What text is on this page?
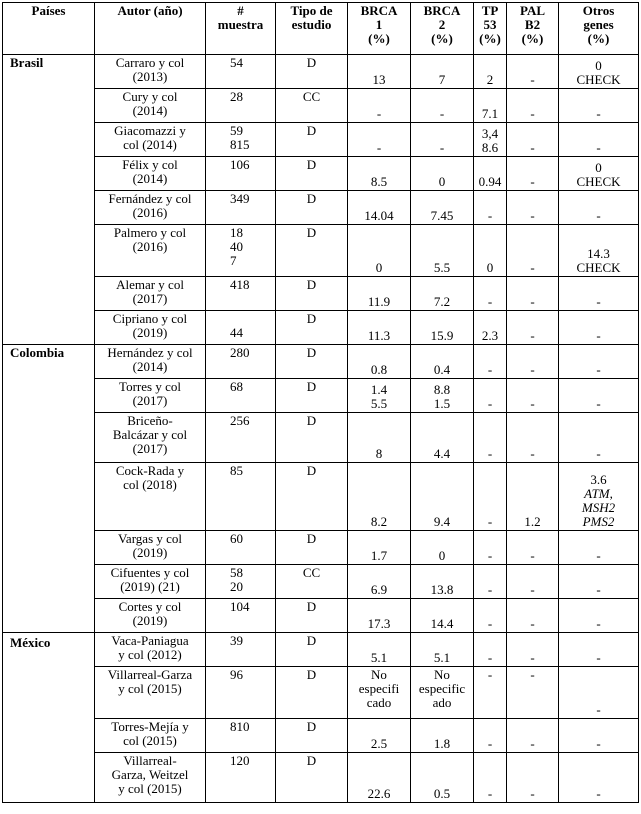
Países	Autor (año)	#
muestra	Tipo de
estudio	BRCA
1
(%)	BRCA
2
(%)	TP
53
(%)	PAL
B2
(%)	Otros
genes
(%)

Brasil	Carraro y col
(2013)	54	D	13	7	2	-	0
CHECK

	Cury y col
(2014)	28	CC	-	-	7.1	-	-

	Giacomazzi y
col (2014)	59
815	D	-	-	3,4
8.6	-	-

	Félix y col
(2014)	106	D	8.5	0	0.94	-	0
CHECK

	Fernández y col
(2016)	349	D	14.04	7.45	-	-	-

	Palmero y col
(2016)	18
40
7	D	0	5.5	0	-	14.3
CHECK

	Alemar y col
(2017)	418	D	11.9	7.2	-	-	-

	Cipriano y col
(2019)	44	D	11.3	15.9	2.3	-	-

Colombia	Hernández y col
(2014)	280	D	0.8	0.4	-	-	-

	Torres y col
(2017)	68	D	1.4
5.5	8.8
1.5	-	-	-

	Briceño-
Balcázar y col
(2017)	256	D	8	4.4	-	-	-

	Cock-Rada y
col (2018)	85	D	8.2	9.4	-	1.2	3.6
ATM,
MSH2
PMS2

	Vargas y col
(2019)	60	D	1.7	0	-	-	-

	Cifuentes y col
(2019) (21)	58
20	CC	6.9	13.8	-	-	-

	Cortes y col
(2019)	104	D	17.3	14.4	-	-	-

México	Vaca-Paniagua
y col (2012)	39	D	5.1	5.1	-	-	-

	Villarreal-Garza
y col (2015)	96	D	No
especifi
cado	No
especific
ado	-	-	-

	Torres-Mejía y
col (2015)	810	D	2.5	1.8	-	-	-

	Villarreal-
Garza, Weitzel
y col (2015)	120	D	22.6	0.5	-	-	-
